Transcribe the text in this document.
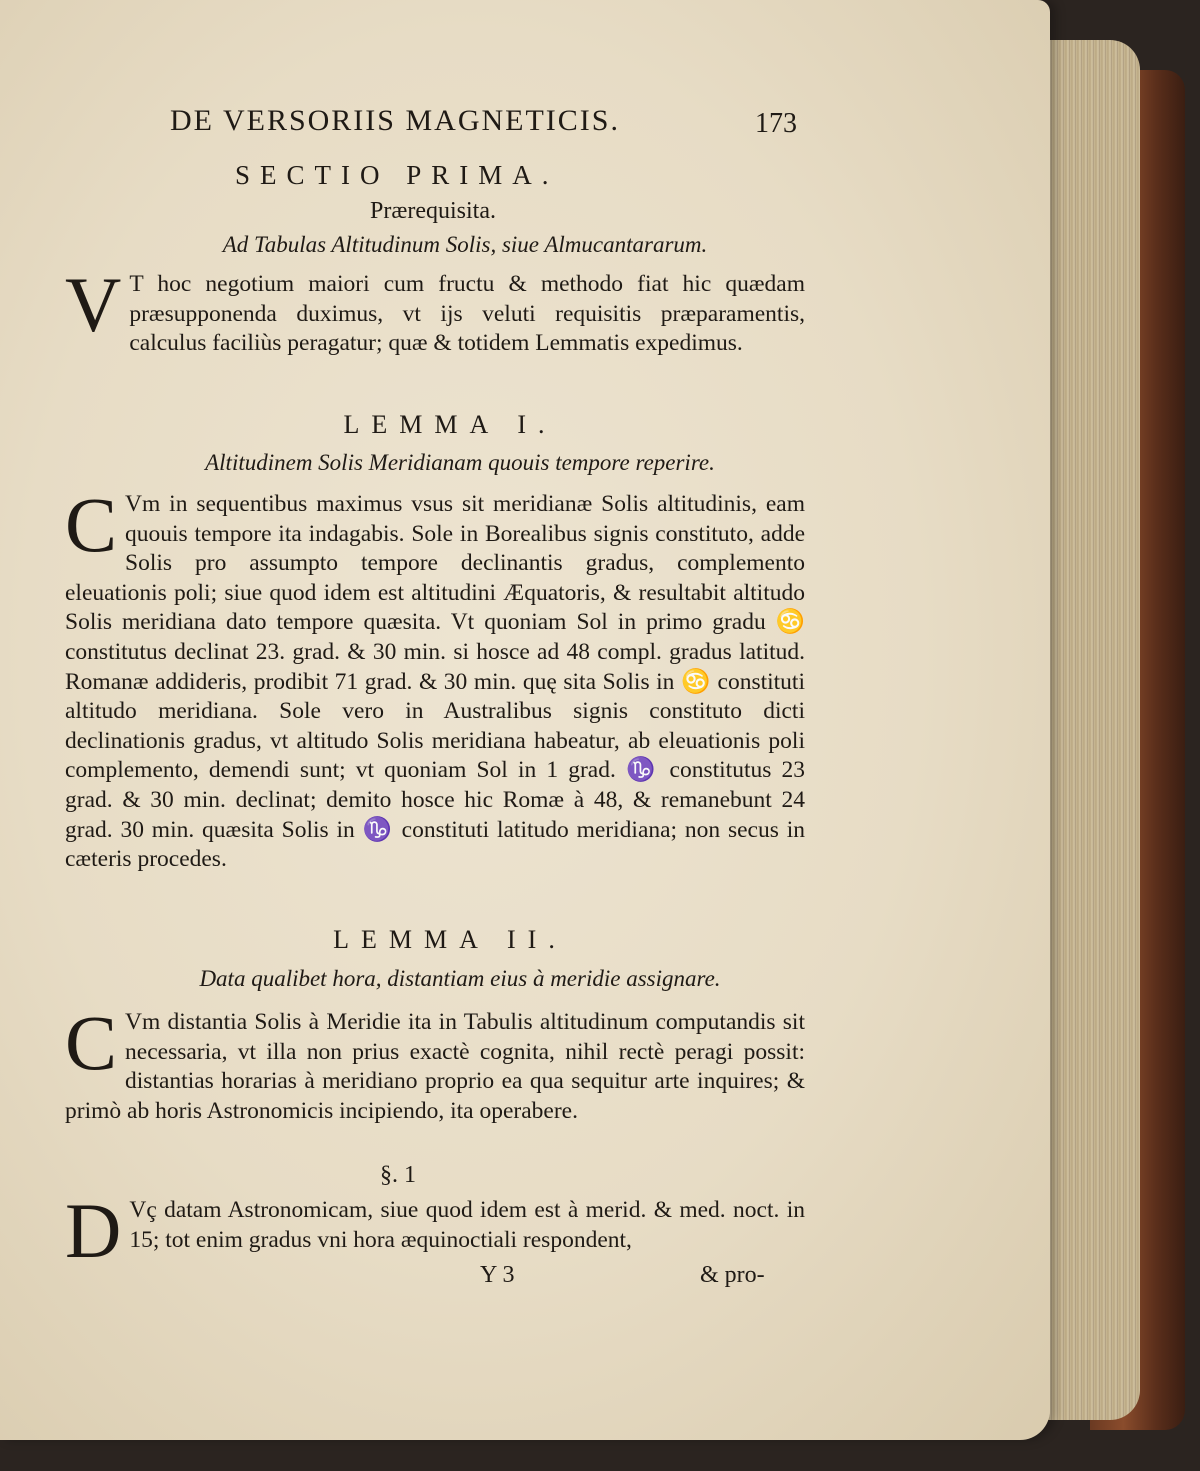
DE VERSORIIS MAGNETICIS.	173
SECTIO PRIMA.
Prærequisita.
Ad Tabulas Altitudinum Solis, siue Almucantararum.
V T hoc negotium maiori cum fructu & methodo fiat hic quædam præsupponenda duximus, vt ijs veluti requisitis præparamentis, calculus faciliùs peragatur; quæ & totidem Lemmatis expedimus.
LEMMA I.
Altitudinem Solis Meridianam quouis tempore reperire.
C Vm in sequentibus maximus vsus sit meridianæ Solis altitudinis, eam quouis tempore ita indagabis. Sole in Borealibus signis constituto, adde Solis pro assumpto tempore declinantis gradus, complemento eleuationis poli; siue quod idem est altitudini Æquatoris, & resultabit altitudo Solis meridiana dato tempore quæsita. Vt quoniam Sol in primo gradu ♋ constitutus declinat 23. grad. & 30 min. si hosce ad 48 compl. gradus latitud. Romanæ addideris, prodibit 71 grad. & 30 min. quę sita Solis in ♋ constituti altitudo meridiana. Sole vero in Australibus signis constituto dicti declinationis gradus, vt altitudo Solis meridiana habeatur, ab eleuationis poli complemento, demendi sunt; vt quoniam Sol in 1 grad. ♑ constitutus 23 grad. & 30 min. declinat; demito hosce hic Romæ à 48, & remanebunt 24 grad. 30 min. quæsita Solis in ♑ constituti latitudo meridiana; non secus in cæteris procedes.
LEMMA II.
Data qualibet hora, distantiam eius à meridie assignare.
C Vm distantia Solis à Meridie ita in Tabulis altitudinum computandis sit necessaria, vt illa non prius exactè cognita, nihil rectè peragi possit: distantias horarias à meridiano proprio ea qua sequitur arte inquires; & primò ab horis Astronomicis incipiendo, ita operabere.
§. 1
D Vç datam Astronomicam, siue quod idem est à merid. & med. noct. in 15; tot enim gradus vni hora æquinoctiali respondent,
Y 3	& pro-
